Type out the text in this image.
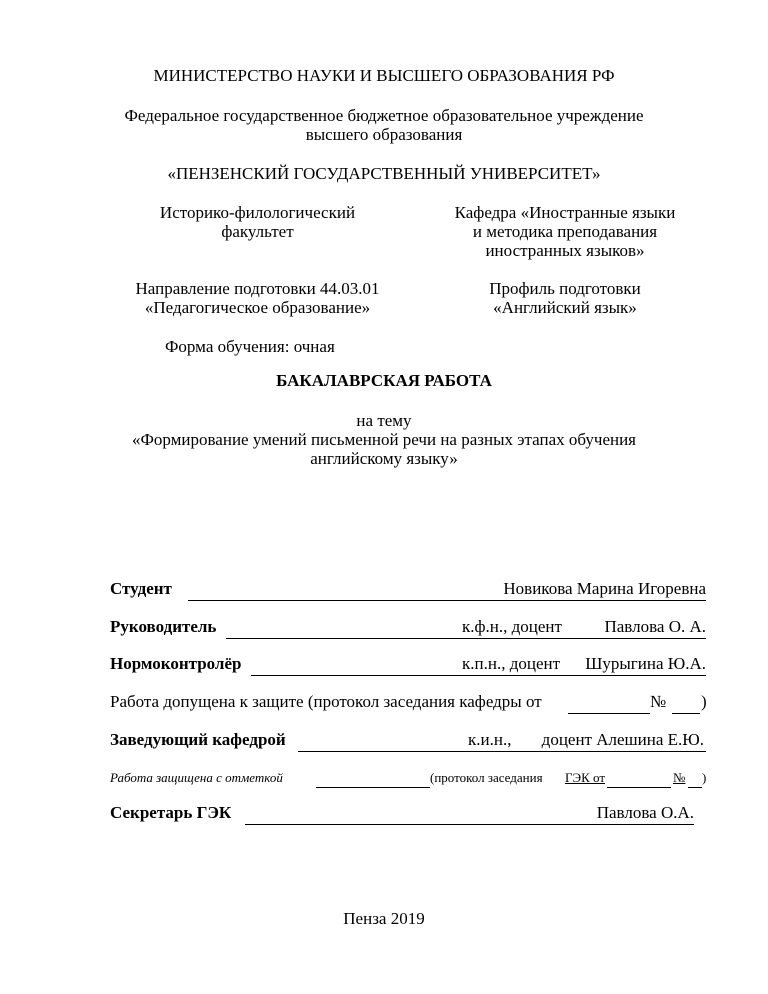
МИНИСТЕРСТВО НАУКИ И ВЫСШЕГО ОБРАЗОВАНИЯ РФ
Федеральное государственное бюджетное образовательное учреждение
высшего образования
«ПЕНЗЕНСКИЙ ГОСУДАРСТВЕННЫЙ УНИВЕРСИТЕТ»
Историко-филологический
факультет
Кафедра «Иностранные языки
и методика преподавания
иностранных языков»
Направление подготовки 44.03.01
«Педагогическое образование»
Профиль подготовки
«Английский язык»
Форма обучения: очная
БАКАЛАВРСКАЯ РАБОТА
на тему
«Формирование умений письменной речи на разных этапах обучения
английскому языку»
Студент	Новикова Марина Игоревна
Руководитель	к.ф.н., доцент	Павлова О. А.
Нормоконтролёр	к.п.н., доцент Шурыгина Ю.А.
Работа допущена к защите (протокол заседания кафедры от	№ )
Заведующий кафедрой	к.и.н., доцент Алешина Е.Ю.
Работа защищена с отметкой	(протокол заседания ГЭК от	№ )
Секретарь ГЭК	Павлова О.А.
Пенза 2019
